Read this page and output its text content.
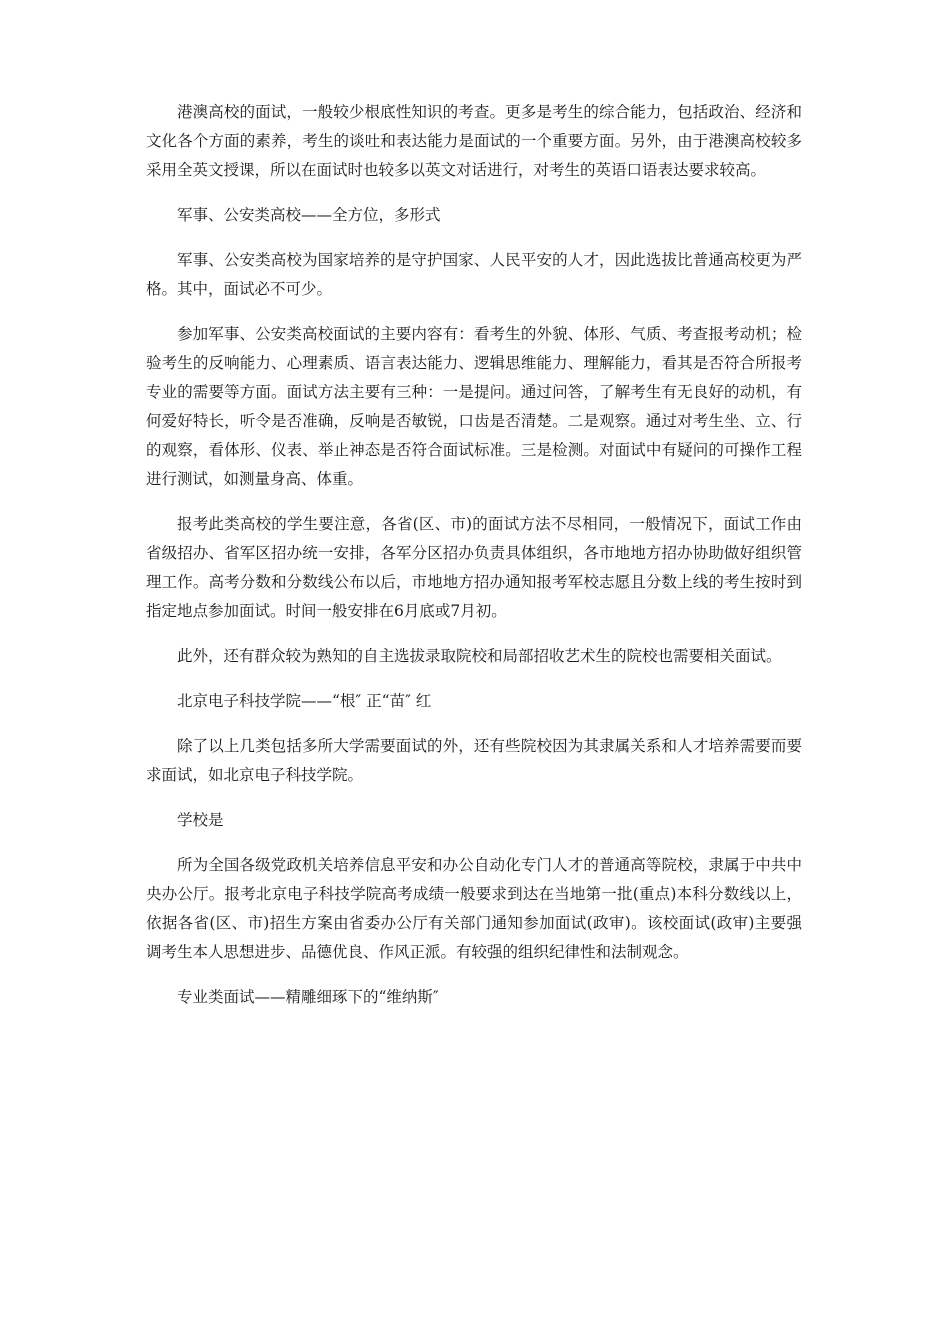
港澳高校的面试，一般较少根底性知识的考查。更多是考生的综合能力，包括政治、经济和文化各个方面的素养，考生的谈吐和表达能力是面试的一个重要方面。另外，由于港澳高校较多采用全英文授课，所以在面试时也较多以英文对话进行，对考生的英语口语表达要求较高。

军事、公安类高校——全方位，多形式

军事、公安类高校为国家培养的是守护国家、人民平安的人才，因此选拔比普通高校更为严格。其中，面试必不可少。

参加军事、公安类高校面试的主要内容有：看考生的外貌、体形、气质、考查报考动机；检验考生的反响能力、心理素质、语言表达能力、逻辑思维能力、理解能力，看其是否符合所报考专业的需要等方面。面试方法主要有三种：一是提问。通过问答，了解考生有无良好的动机，有何爱好特长，听令是否准确，反响是否敏锐，口齿是否清楚。二是观察。通过对考生坐、立、行的观察，看体形、仪表、举止神态是否符合面试标准。三是检测。对面试中有疑问的可操作工程进行测试，如测量身高、体重。

报考此类高校的学生要注意，各省(区、市)的面试方法不尽相同，一般情况下，面试工作由省级招办、省军区招办统一安排，各军分区招办负责具体组织，各市地地方招办协助做好组织管理工作。高考分数和分数线公布以后，市地地方招办通知报考军校志愿且分数上线的考生按时到指定地点参加面试。时间一般安排在6月底或7月初。

此外，还有群众较为熟知的自主选拔录取院校和局部招收艺术生的院校也需要相关面试。

北京电子科技学院——“根″ 正“苗″ 红

除了以上几类包括多所大学需要面试的外，还有些院校因为其隶属关系和人才培养需要而要求面试，如北京电子科技学院。

学校是

所为全国各级党政机关培养信息平安和办公自动化专门人才的普通高等院校，隶属于中共中央办公厅。报考北京电子科技学院高考成绩一般要求到达在当地第一批(重点)本科分数线以上，依据各省(区、市)招生方案由省委办公厅有关部门通知参加面试(政审)。该校面试(政审)主要强调考生本人思想进步、品德优良、作风正派。有较强的组织纪律性和法制观念。

专业类面试——精雕细琢下的“维纳斯″
